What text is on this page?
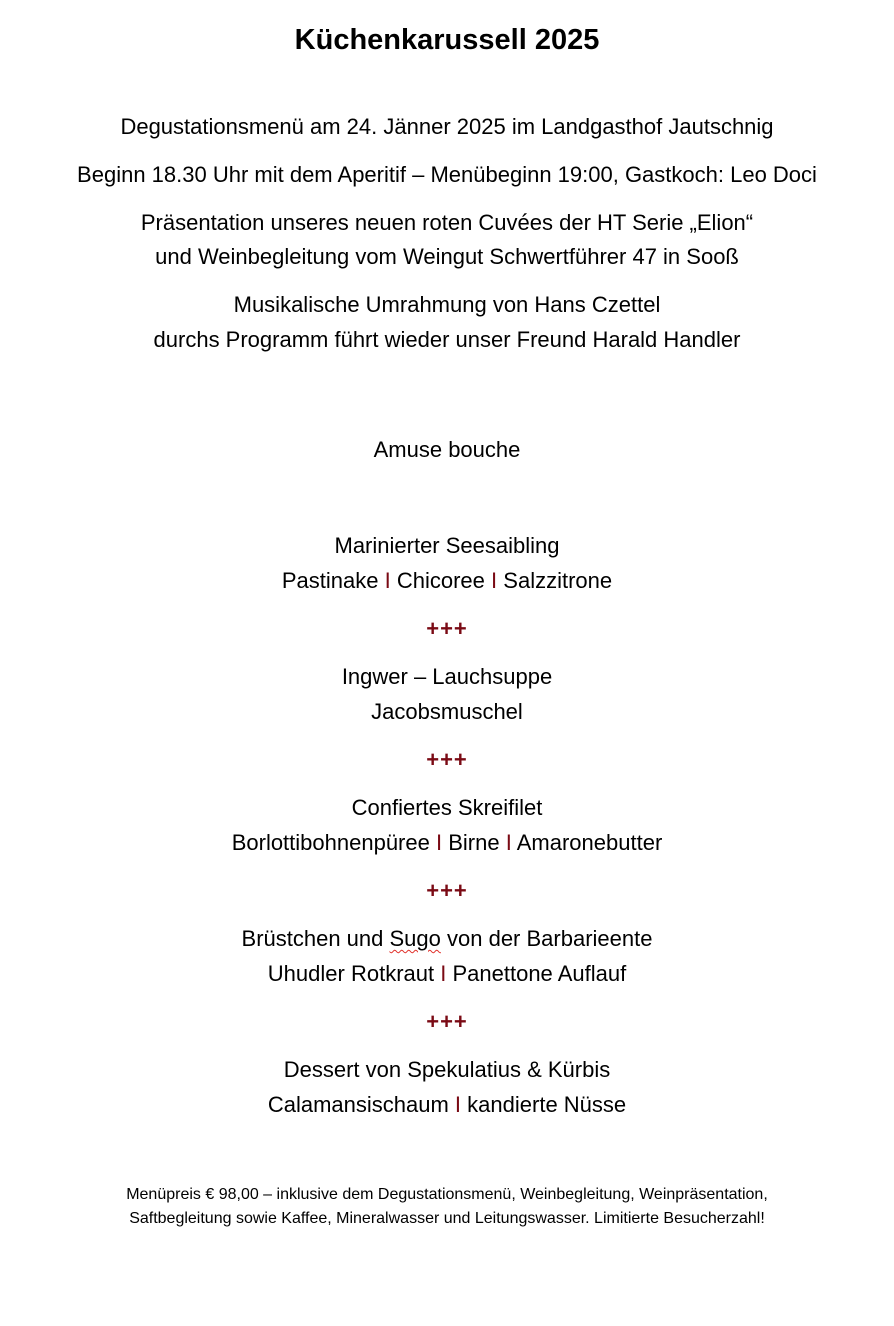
Küchenkarussell 2025
Degustationsmenü am 24. Jänner 2025 im Landgasthof Jautschnig
Beginn 18.30 Uhr mit dem Aperitif – Menübeginn 19:00, Gastkoch: Leo Doci
Präsentation unseres neuen roten Cuvées der HT Serie „Elion“
und Weinbegleitung vom Weingut Schwertführer 47 in Sooß
Musikalische Umrahmung von Hans Czettel
durchs Programm führt wieder unser Freund Harald Handler
Amuse bouche
Marinierter Seesaibling
Pastinake I Chicoree I Salzzitrone
+++
Ingwer – Lauchsuppe
Jacobsmuschel
+++
Confiertes Skreifilet
Borlottibohnenpüree I Birne I Amaronebutter
+++
Brüstchen und Sugo von der Barbarieente
Uhudler Rotkraut I Panettone Auflauf
+++
Dessert von Spekulatius & Kürbis
Calamansischaum I kandierte Nüsse
Menüpreis € 98,00 – inklusive dem Degustationsmenü, Weinbegleitung, Weinpräsentation,
Saftbegleitung sowie Kaffee, Mineralwasser und Leitungswasser. Limitierte Besucherzahl!
